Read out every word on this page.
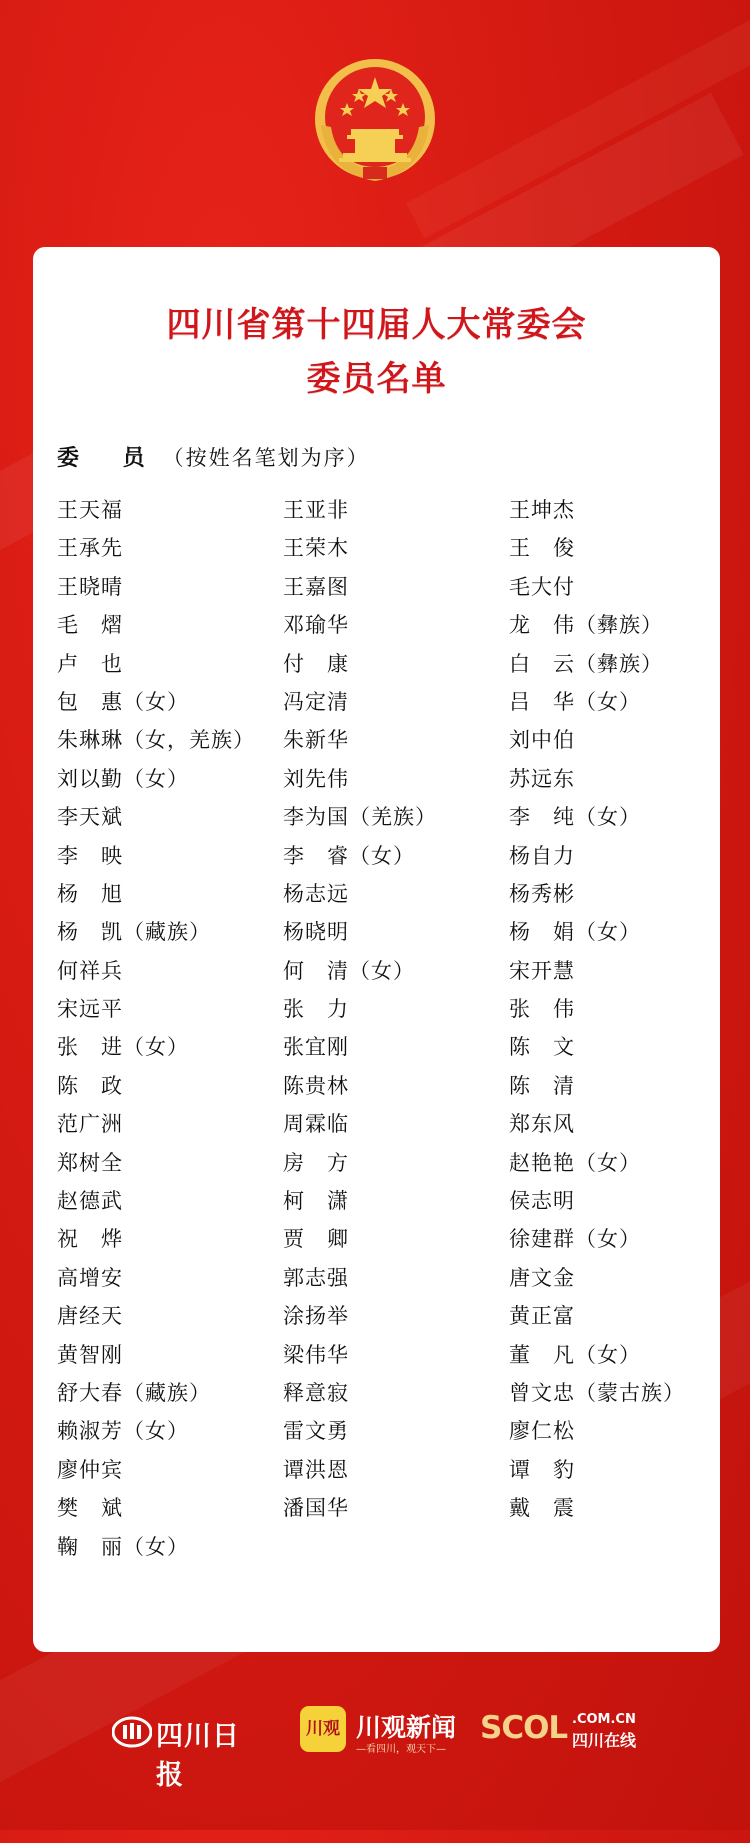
四川省第十四届人大常委会
委员名单
委 员（按姓名笔划为序）
王天福	王亚非	王坤杰
王承先	王荣木	王　俊
王晓晴	王嘉图	毛大付
毛　熠	邓瑜华	龙　伟（彝族）
卢　也	付　康	白　云（彝族）
包　惠（女）	冯定清	吕　华（女）
朱琳琳（女，羌族）	朱新华	刘中伯
刘以勤（女）	刘先伟	苏远东
李天斌	李为国（羌族）	李　纯（女）
李　映	李　睿（女）	杨自力
杨　旭	杨志远	杨秀彬
杨　凯（藏族）	杨晓明	杨　娟（女）
何祥兵	何　清（女）	宋开慧
宋远平	张　力	张　伟
张　进（女）	张宜刚	陈　文
陈　政	陈贵林	陈　清
范广洲	周霖临	郑东风
郑树全	房　方	赵艳艳（女）
赵德武	柯　潇	侯志明
祝　烨	贾　卿	徐建群（女）
高增安	郭志强	唐文金
唐经天	涂扬举	黄正富
黄智刚	梁伟华	董　凡（女）
舒大春（藏族）	释意寂	曾文忠（蒙古族）
赖淑芳（女）	雷文勇	廖仁松
廖仲宾	谭洪恩	谭　豹
樊　斌	潘国华	戴　震
鞠　丽（女）
四川日报
川观 川观新闻
—看四川，观天下—
SCOL .COM.CN
四川在线
